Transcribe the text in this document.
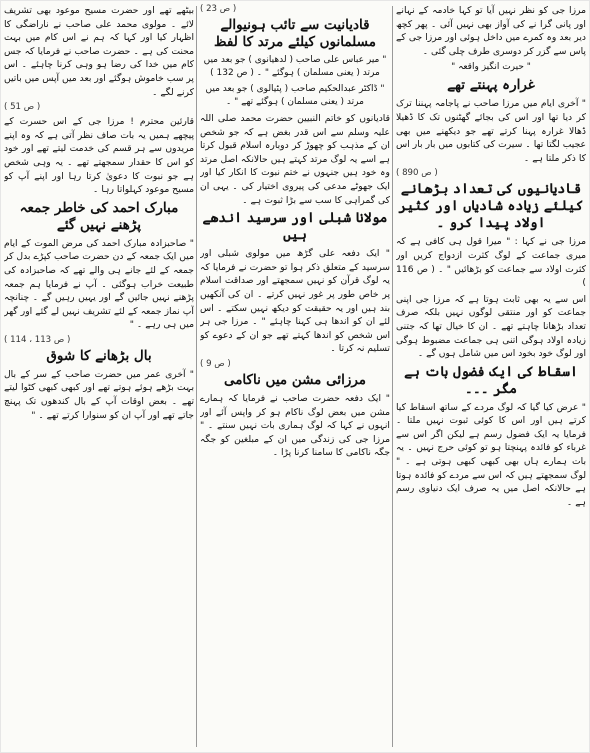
مرزا جی کو نظر نہیں آیا تو کہا خادمہ کے نہانے اور پانی گرا نے کی آواز بھی نہیں آئی ۔ پھر کچھ دیر بعد وہ کمرے میں داخل ہوئی اور مرزا جی کے پاس سے گزر کر دوسری طرف چلی گئی ۔

" حیرت انگیز واقعہ "
غرارہ پہنتے تھے

" آخری ایام میں مرزا صاحب نے پاجامہ پہننا ترک کر دیا تھا اور اس کی بجائے گھٹنوں تک کا ڈھیلا ڈھالا غرارہ پہنا کرتے تھے جو دیکھنے میں بھی عجیب لگتا تھا ۔ سیرت کی کتابوں میں بار بار اس کا ذکر ملتا ہے ۔

( ص 890 )
قادیانیوں کی تعداد بڑھانے کیلئے زیادہ شادیاں اور کثیر اولاد پیدا کرو ۔

مرزا جی نے کہا : " میرا قول ہی کافی ہے کہ میری جماعت کے لوگ کثرت ازدواج کریں اور کثرت اولاد سے جماعت کو بڑھائیں " ۔ ( ص 116 )

اس سے یہ بھی ثابت ہوتا ہے کہ مرزا جی اپنی جماعت کو اور منتقی لوگوں نہیں بلکہ صرف تعداد بڑھانا چاہتے تھے ۔ ان کا خیال تھا کہ جتنی زیادہ اولاد ہوگی اتنی ہی جماعت مضبوط ہوگی اور لوگ خود بخود اس میں شامل ہوں گے ۔

اسقاط کی ایک فضول بات ہے مگر ۔۔۔

" عرض کیا گیا کہ لوگ مردے کے ساتھ اسقاط کیا کرتے ہیں اور اس کا کوئی ثبوت نہیں ملتا ۔ فرمایا یہ ایک فضول رسم ہے لیکن اگر اس سے غرباء کو فائدہ پہنچتا ہو تو کوئی حرج نہیں ۔ یہ بات ہمارے ہاں بھی کبھی کبھی ہوتی ہے ۔ " لوگ سمجھتے ہیں کہ اس سے مردے کو فائدہ ہوتا ہے حالانکہ اصل میں یہ صرف ایک دنیاوی رسم ہے ۔

( ص 23 )
قادیانیت سے تائب ہونیوالے مسلمانوں کیلئے مرتد کا لفظ
" میر عباس علی صاحب ( لدھیانوی ) جو بعد میں مرتد ( یعنی مسلمان ) ہوگئے " ۔ ( ص 132 )
" ڈاکٹر عبدالحکیم صاحب ( پٹیالوی ) جو بعد میں مرتد ( یعنی مسلمان ) ہوگئے تھے " ۔

قادیانوں کو خاتم النبیین حضرت محمد صلی اللہ علیہ وسلم سے اس قدر بغض ہے کہ جو شخص ان کے مذہب کو چھوڑ کر دوبارہ اسلام قبول کرتا ہے اسے یہ لوگ مرتد کہتے ہیں حالانکہ اصل مرتد وہ خود ہیں جنہوں نے ختم نبوت کا انکار کیا اور ایک جھوٹے مدعی کی پیروی اختیار کی ۔ یہی ان کی گمراہی کا سب سے بڑا ثبوت ہے ۔

مولانا شبلی اور سرسید اندھے ہیں

" ایک دفعہ علی گڑھ میں مولوی شبلی اور سرسید کے متعلق ذکر ہوا تو حضرت نے فرمایا کہ یہ لوگ قرآن کو نہیں سمجھتے اور صداقت اسلام پر خاص طور پر غور نہیں کرتے ۔ ان کی آنکھیں بند ہیں اور یہ حقیقت کو دیکھ نہیں سکتے ۔ اس لئے ان کو اندھا ہی کہنا چاہئے " ۔ مرزا جی ہر اس شخص کو اندھا کہتے تھے جو ان کے دعوے کو تسلیم نہ کرتا ۔

( ص 9 )
مرزائی مشن میں ناکامی

" ایک دفعہ حضرت صاحب نے فرمایا کہ ہمارے مشن میں بعض لوگ ناکام ہو کر واپس آئے اور انہوں نے کہا کہ لوگ ہماری بات نہیں سنتے ۔ " مرزا جی کی زندگی میں ان کے مبلغین کو جگہ جگہ ناکامی کا سامنا کرنا پڑا ۔

بیٹھے تھے اور حضرت مسیح موعود بھی تشریف لائے ۔ مولوی محمد علی صاحب نے ناراضگی کا اظہار کیا اور کہا کہ ہم نے اس کام میں بہت محنت کی ہے ۔ حضرت صاحب نے فرمایا کہ جس کام میں خدا کی رضا ہو وہی کرنا چاہئے ۔ اس پر سب خاموش ہوگئے اور بعد میں آپس میں باتیں کرنے لگے ۔

( ص 51 )

قارئین محترم ! مرزا جی کے اس حسرت کے پیچھے ہمیں یہ بات صاف نظر آتی ہے کہ وہ اپنے مریدوں سے ہر قسم کی خدمت لیتے تھے اور خود کو اس کا حقدار سمجھتے تھے ۔ یہ وہی شخص ہے جو نبوت کا دعویٰ کرتا رہا اور اپنے آپ کو مسیح موعود کہلواتا رہا ۔

مبارک احمد کی خاطر جمعہ پڑھنے نہیں گئے

" صاحبزادہ مبارک احمد کی مرض الموت کے ایام میں ایک جمعہ کے دن حضرت صاحب کپڑے بدل کر جمعہ کے لئے جانے ہی والے تھے کہ صاحبزادہ کی طبیعت خراب ہوگئی ۔ آپ نے فرمایا ہم جمعہ پڑھنے نہیں جائیں گے اور یہیں رہیں گے ۔ چنانچہ آپ نماز جمعہ کے لئے تشریف نہیں لے گئے اور گھر میں ہی رہے ۔ "

( ص 113 ، 114 )
بال بڑھانے کا شوق

" آخری عمر میں حضرت صاحب کے سر کے بال بہت بڑھے ہوئے ہوتے تھے اور کبھی کبھی کٹوا لیتے تھے ۔ بعض اوقات آپ کے بال کندھوں تک پہنچ جاتے تھے اور آپ ان کو سنوارا کرتے تھے ۔ "
